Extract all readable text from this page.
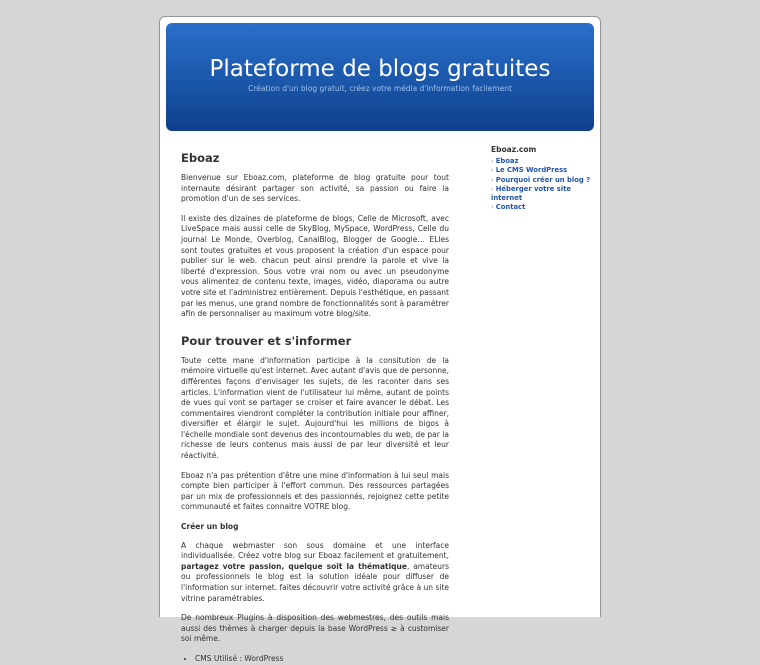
Plateforme de blogs gratuites
Création d'un blog gratuit, créez votre média d'information facilement
Eboaz

Bienvenue sur Eboaz.com, plateforme de blog gratuite pour tout internaute désirant partager son activité, sa passion ou faire la promotion d'un de ses services.

Il existe des dizaines de plateforme de blogs, Celle de Microsoft, avec LiveSpace mais aussi celle de SkyBlog, MySpace, WordPress, Celle du journal Le Monde, Overblog, CanalBlog, Blogger de Google… ELles sont toutes gratuites et vous proposent la création d'un espace pour publier sur le web. chacun peut ainsi prendre la parole et vive la liberté d'expression. Sous votre vrai nom ou avec un pseudonyme vous alimentez de contenu texte, images, vidéo, diaporama ou autre votre site et l'administrez entièrement. Depuis l'esthétique, en passant par les menus, une grand nombre de fonctionnalités sont à paramétrer afin de personnaliser au maximum votre blog/site.

Pour trouver et s'informer

Toute cette mane d'information participe à la consitution de la mémoire virtuelle qu'est internet. Avec autant d'avis que de personne, différentes façons d'envisager les sujets, de les raconter dans ses articles. L'information vient de l'utilisateur lui même, autant de points de vues qui vont se partager se croiser et faire avancer le débat. Les commentaires viendront compléter la contribution initiale pour affiner, diversifier et élargir le sujet. Aujourd'hui les millions de bigos à l'échelle mondiale sont devenus des incontournables du web, de par la richesse de leurs contenus mais aussi de par leur diversité et leur réactivité.

Eboaz n'a pas prétention d'être une mine d'information à lui seul mais compte bien participer à l'effort commun. Des ressources partagées par un mix de professionnels et des passionnés, rejoignez cette petite communauté et faites connaitre VOTRE blog.

Créer un blog

A chaque webmaster son sous domaine et une interface individualisée. Créez votre blog sur Eboaz facilement et gratuitement, partagez votre passion, quelque soit la thématique, amateurs ou professionnels le blog est la solution idéale pour diffuser de l'information sur internet. faites découvrir votre activité grâce à un site vitrine paramétrables.

De nombreux Plugins à disposition des webmestres, des outils mais aussi des thèmes à charger depuis la base WordPress ≥ à customiser soi même.

• CMS Utilisé : WordPress
Eboaz.com
› Eboaz
› Le CMS WordPress
› Pourquoi créer un blog ?
› Héberger votre site internet
› Contact
